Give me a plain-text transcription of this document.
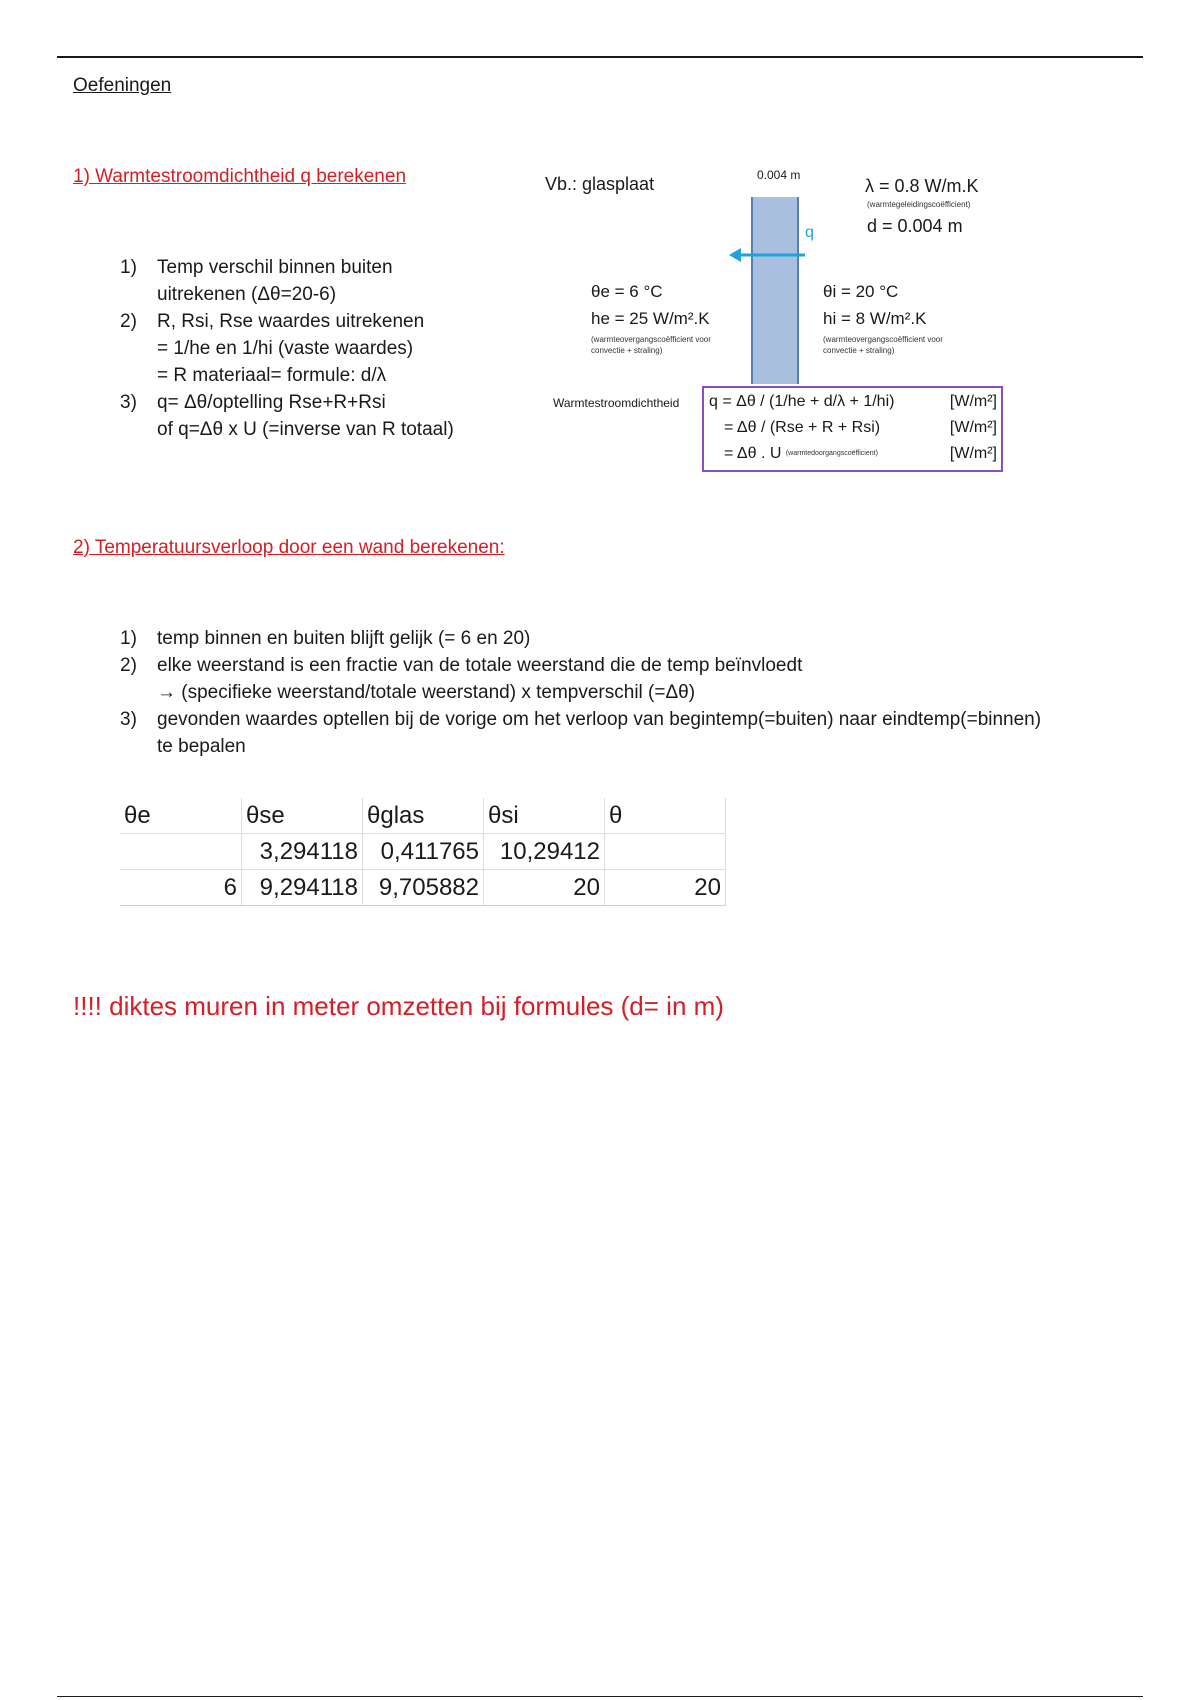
Oefeningen
1) Warmtestroomdichtheid q berekenen
1) Temp verschil binnen buiten
uitrekenen (Δθ=20-6)
2) R, Rsi, Rse waardes uitrekenen
= 1/he en 1/hi (vaste waardes)
= R materiaal= formule: d/λ
3) q= Δθ/optelling Rse+R+Rsi
of q=Δθ x U (=inverse van R totaal)
Vb.: glasplaat	0.004 m
λ = 0.8 W/m.K
(warmtegeleidingscoëfficient)
d = 0.004 m
q
θe = 6 °C
he = 25 W/m².K
(warmteovergangscoëfficient voor convectie + straling)
θi = 20 °C
hi = 8 W/m².K
(warmteovergangscoëfficient voor convectie + straling)
Warmtestroomdichtheid q = Δθ / (1/he + d/λ + 1/hi)	[W/m²]
= Δθ / (Rse + R + Rsi)	[W/m²]
= Δθ . U (warmtedoorgangscoëfficient)	[W/m²]
2) Temperatuursverloop door een wand berekenen:
1) temp binnen en buiten blijft gelijk (= 6 en 20)
2) elke weerstand is een fractie van de totale weerstand die de temp beïnvloedt
→ (specifieke weerstand/totale weerstand) x tempverschil (=Δθ)
3) gevonden waardes optellen bij de vorige om het verloop van begintemp(=buiten) naar eindtemp(=binnen)
te bepalen
θe	θse	θglas	θsi	θ
	3,294118	0,411765	10,29412	
6	9,294118	9,705882	20	20
!!!! diktes muren in meter omzetten bij formules (d= in m)
